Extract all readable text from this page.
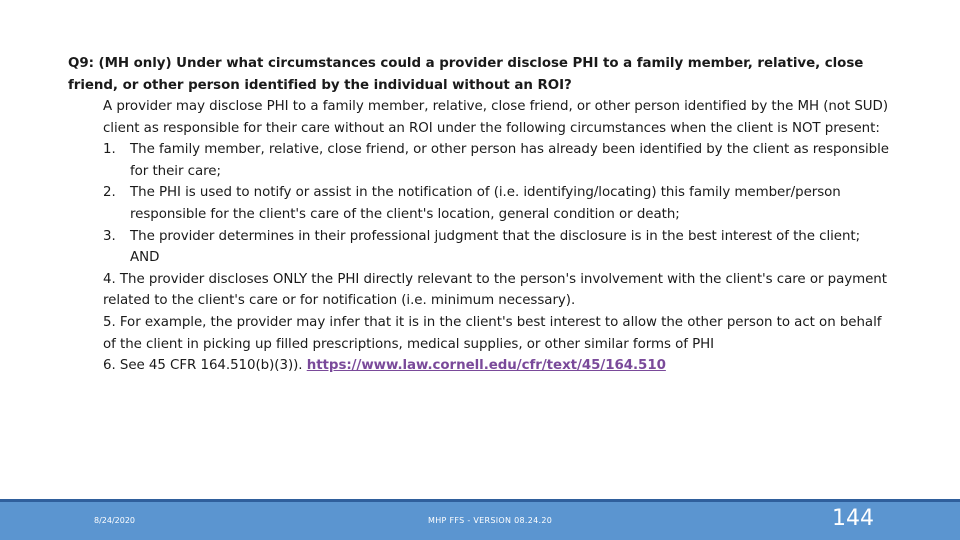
Q9: (MH only) Under what circumstances could a provider disclose PHI to a family member, relative, close friend, or other person identified by the individual without an ROI?

A provider may disclose PHI to a family member, relative, close friend, or other person identified by the MH (not SUD) client as responsible for their care without an ROI under the following circumstances when the client is NOT present:

1. The family member, relative, close friend, or other person has already been identified by the client as responsible for their care;

2. The PHI is used to notify or assist in the notification of (i.e. identifying/locating) this family member/person responsible for the client's care of the client's location, general condition or death;

3. The provider determines in their professional judgment that the disclosure is in the best interest of the client; AND

4. The provider discloses ONLY the PHI directly relevant to the person's involvement with the client's care or payment related to the client's care or for notification (i.e. minimum necessary).

5. For example, the provider may infer that it is in the client's best interest to allow the other person to act on behalf of the client in picking up filled prescriptions, medical supplies, or other similar forms of PHI

6. See 45 CFR 164.510(b)(3)). https://www.law.cornell.edu/cfr/text/45/164.510

8/24/2020	MHP FFS - VERSION 08.24.20	144
